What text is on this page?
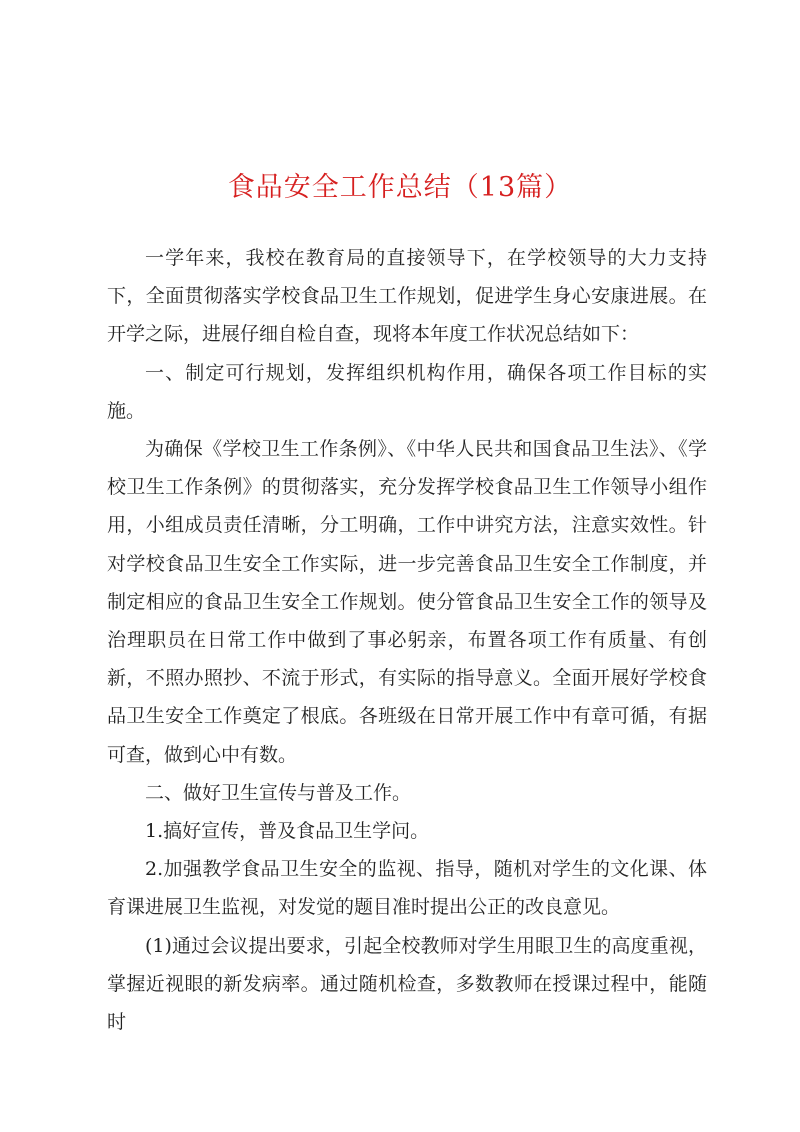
食品安全工作总结（13篇）

一学年来，我校在教育局的直接领导下，在学校领导的大力支持下，全面贯彻落实学校食品卫生工作规划，促进学生身心安康进展。在开学之际，进展仔细自检自查，现将本年度工作状况总结如下：

一、制定可行规划，发挥组织机构作用，确保各项工作目标的实施。

为确保《学校卫生工作条例》、《中华人民共和国食品卫生法》、《学校卫生工作条例》的贯彻落实，充分发挥学校食品卫生工作领导小组作用，小组成员责任清晰，分工明确，工作中讲究方法，注意实效性。针对学校食品卫生安全工作实际，进一步完善食品卫生安全工作制度，并制定相应的食品卫生安全工作规划。使分管食品卫生安全工作的领导及治理职员在日常工作中做到了事必躬亲，布置各项工作有质量、有创新，不照办照抄、不流于形式，有实际的指导意义。全面开展好学校食品卫生安全工作奠定了根底。各班级在日常开展工作中有章可循，有据可查，做到心中有数。

二、做好卫生宣传与普及工作。

1.搞好宣传，普及食品卫生学问。

2.加强教学食品卫生安全的监视、指导，随机对学生的文化课、体育课进展卫生监视，对发觉的题目准时提出公正的改良意见。

(1)通过会议提出要求，引起全校教师对学生用眼卫生的高度重视，掌握近视眼的新发病率。通过随机检查，多数教师在授课过程中，能随时
